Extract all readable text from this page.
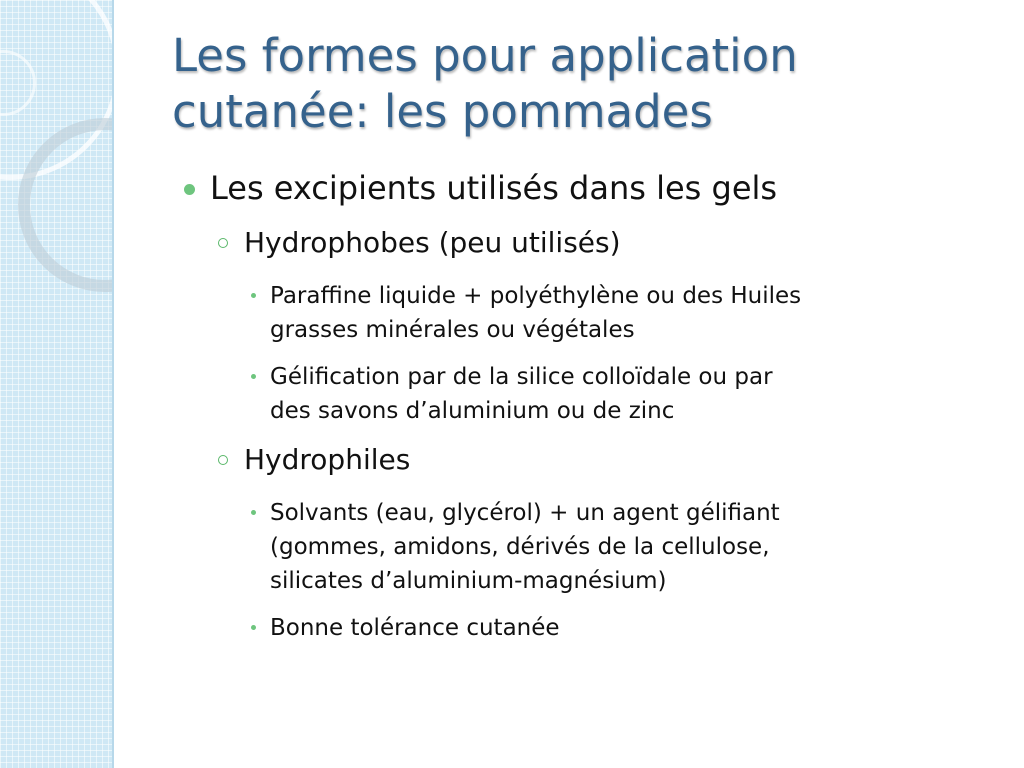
Les formes pour application
cutanée: les pommades
Les excipients utilisés dans les gels
Hydrophobes (peu utilisés)
Paraffine liquide + polyéthylène ou des Huiles
grasses minérales ou végétales
Gélification par de la silice colloïdale ou par
des savons d’aluminium ou de zinc
Hydrophiles
Solvants (eau, glycérol) + un agent gélifiant
(gommes, amidons, dérivés de la cellulose,
silicates d’aluminium-magnésium)
Bonne tolérance cutanée
